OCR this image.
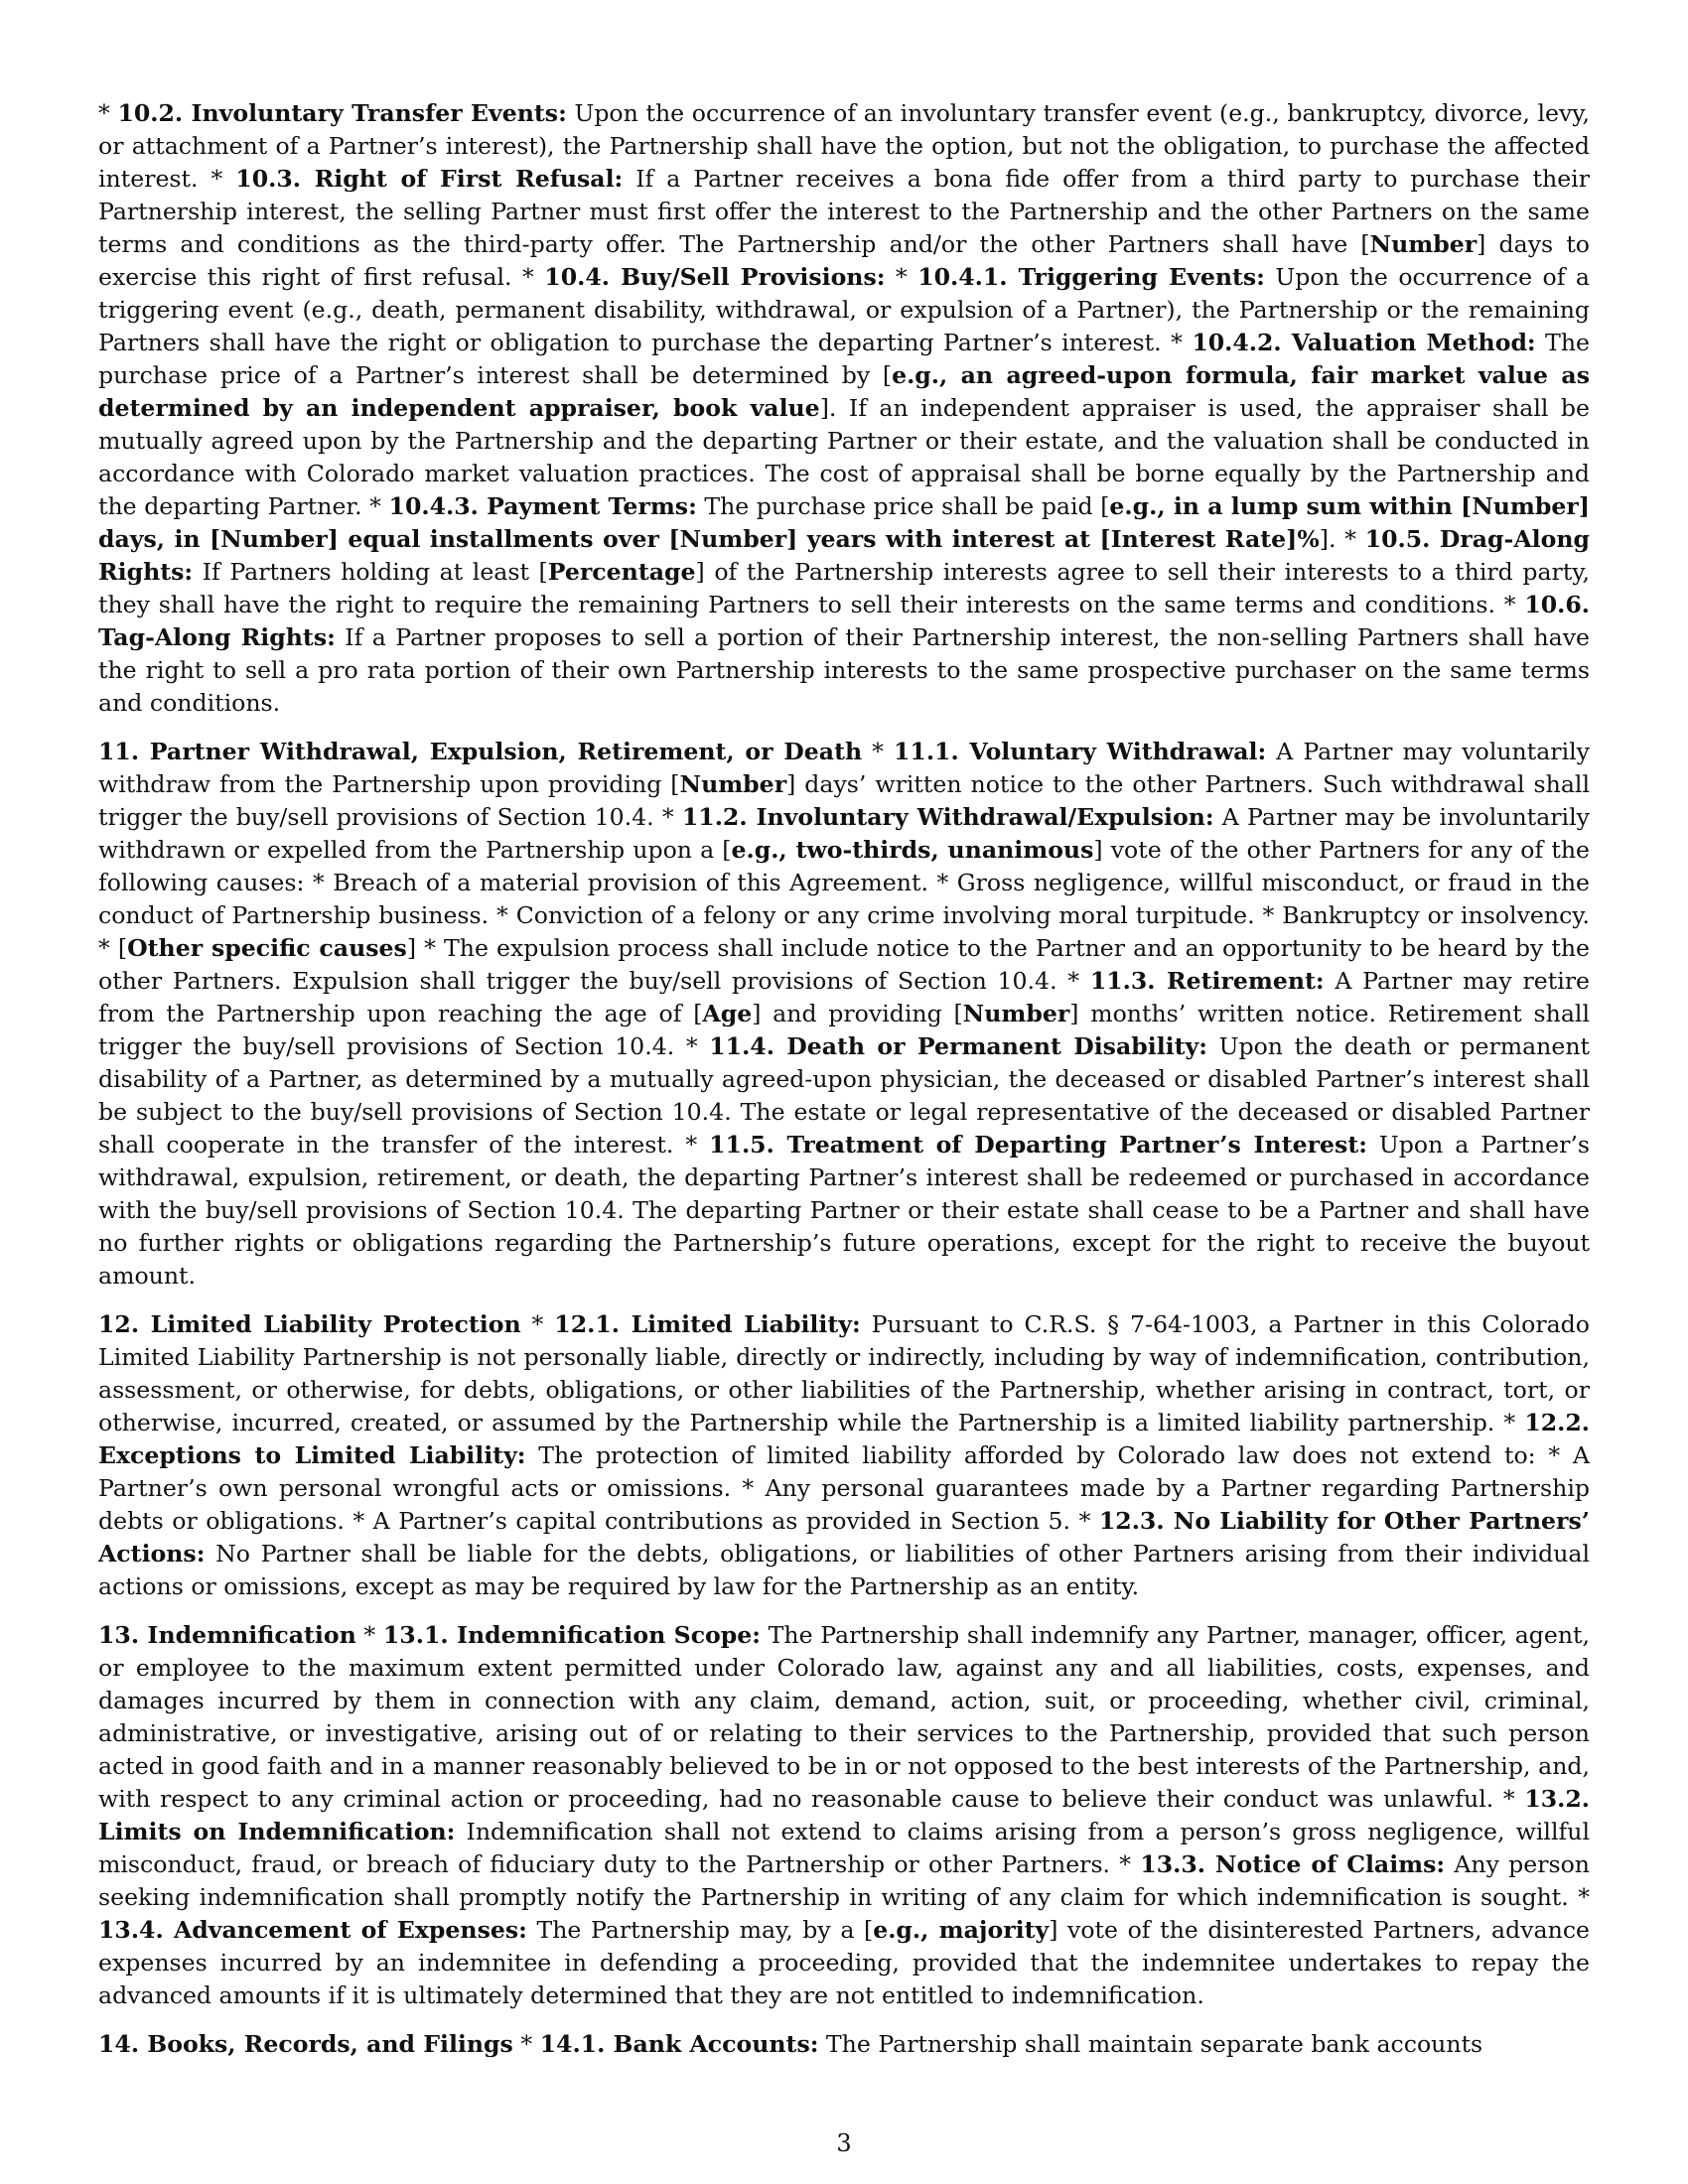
* 10.2. Involuntary Transfer Events: Upon the occurrence of an involuntary transfer event (e.g., bankruptcy, divorce, levy, or attachment of a Partner’s interest), the Partnership shall have the option, but not the obligation, to purchase the affected interest. * 10.3. Right of First Refusal: If a Partner receives a bona fide offer from a third party to purchase their Partnership interest, the selling Partner must first offer the interest to the Partnership and the other Partners on the same terms and conditions as the third-party offer. The Partnership and/or the other Partners shall have [Number] days to exercise this right of first refusal. * 10.4. Buy/Sell Provisions: * 10.4.1. Triggering Events: Upon the occurrence of a triggering event (e.g., death, permanent disability, withdrawal, or expulsion of a Partner), the Partnership or the remaining Partners shall have the right or obligation to purchase the departing Partner’s interest. * 10.4.2. Valuation Method: The purchase price of a Partner’s interest shall be determined by [e.g., an agreed-upon formula, fair market value as determined by an independent appraiser, book value]. If an independent appraiser is used, the appraiser shall be mutually agreed upon by the Partnership and the departing Partner or their estate, and the valuation shall be conducted in accordance with Colorado market valuation practices. The cost of appraisal shall be borne equally by the Partnership and the departing Partner. * 10.4.3. Payment Terms: The purchase price shall be paid [e.g., in a lump sum within [Number] days, in [Number] equal installments over [Number] years with interest at [Interest Rate]%]. * 10.5. Drag-Along Rights: If Partners holding at least [Percentage] of the Partnership interests agree to sell their interests to a third party, they shall have the right to require the remaining Partners to sell their interests on the same terms and conditions. * 10.6. Tag-Along Rights: If a Partner proposes to sell a portion of their Partnership interest, the non-selling Partners shall have the right to sell a pro rata portion of their own Partnership interests to the same prospective purchaser on the same terms and conditions.

11. Partner Withdrawal, Expulsion, Retirement, or Death * 11.1. Voluntary Withdrawal: A Partner may voluntarily withdraw from the Partnership upon providing [Number] days’ written notice to the other Partners. Such withdrawal shall trigger the buy/sell provisions of Section 10.4. * 11.2. Involuntary Withdrawal/Expulsion: A Partner may be involuntarily withdrawn or expelled from the Partnership upon a [e.g., two-thirds, unanimous] vote of the other Partners for any of the following causes: * Breach of a material provision of this Agreement. * Gross negligence, willful misconduct, or fraud in the conduct of Partnership business. * Conviction of a felony or any crime involving moral turpitude. * Bankruptcy or insolvency. * [Other specific causes] * The expulsion process shall include notice to the Partner and an opportunity to be heard by the other Partners. Expulsion shall trigger the buy/sell provisions of Section 10.4. * 11.3. Retirement: A Partner may retire from the Partnership upon reaching the age of [Age] and providing [Number] months’ written notice. Retirement shall trigger the buy/sell provisions of Section 10.4. * 11.4. Death or Permanent Disability: Upon the death or permanent disability of a Partner, as determined by a mutually agreed-upon physician, the deceased or disabled Partner’s interest shall be subject to the buy/sell provisions of Section 10.4. The estate or legal representative of the deceased or disabled Partner shall cooperate in the transfer of the interest. * 11.5. Treatment of Departing Partner’s Interest: Upon a Partner’s withdrawal, expulsion, retirement, or death, the departing Partner’s interest shall be redeemed or purchased in accordance with the buy/sell provisions of Section 10.4. The departing Partner or their estate shall cease to be a Partner and shall have no further rights or obligations regarding the Partnership’s future operations, except for the right to receive the buyout amount.

12. Limited Liability Protection * 12.1. Limited Liability: Pursuant to C.R.S. § 7-64-1003, a Partner in this Colorado Limited Liability Partnership is not personally liable, directly or indirectly, including by way of indemnification, contribution, assessment, or otherwise, for debts, obligations, or other liabilities of the Partnership, whether arising in contract, tort, or otherwise, incurred, created, or assumed by the Partnership while the Partnership is a limited liability partnership. * 12.2. Exceptions to Limited Liability: The protection of limited liability afforded by Colorado law does not extend to: * A Partner’s own personal wrongful acts or omissions. * Any personal guarantees made by a Partner regarding Partnership debts or obligations. * A Partner’s capital contributions as provided in Section 5. * 12.3. No Liability for Other Partners’ Actions: No Partner shall be liable for the debts, obligations, or liabilities of other Partners arising from their individual actions or omissions, except as may be required by law for the Partnership as an entity.

13. Indemnification * 13.1. Indemnification Scope: The Partnership shall indemnify any Partner, manager, officer, agent, or employee to the maximum extent permitted under Colorado law, against any and all liabilities, costs, expenses, and damages incurred by them in connection with any claim, demand, action, suit, or proceeding, whether civil, criminal, administrative, or investigative, arising out of or relating to their services to the Partnership, provided that such person acted in good faith and in a manner reasonably believed to be in or not opposed to the best interests of the Partnership, and, with respect to any criminal action or proceeding, had no reasonable cause to believe their conduct was unlawful. * 13.2. Limits on Indemnification: Indemnification shall not extend to claims arising from a person’s gross negligence, willful misconduct, fraud, or breach of fiduciary duty to the Partnership or other Partners. * 13.3. Notice of Claims: Any person seeking indemnification shall promptly notify the Partnership in writing of any claim for which indemnification is sought. * 13.4. Advancement of Expenses: The Partnership may, by a [e.g., majority] vote of the disinterested Partners, advance expenses incurred by an indemnitee in defending a proceeding, provided that the indemnitee undertakes to repay the advanced amounts if it is ultimately determined that they are not entitled to indemnification.

14. Books, Records, and Filings * 14.1. Bank Accounts: The Partnership shall maintain separate bank accounts

3
